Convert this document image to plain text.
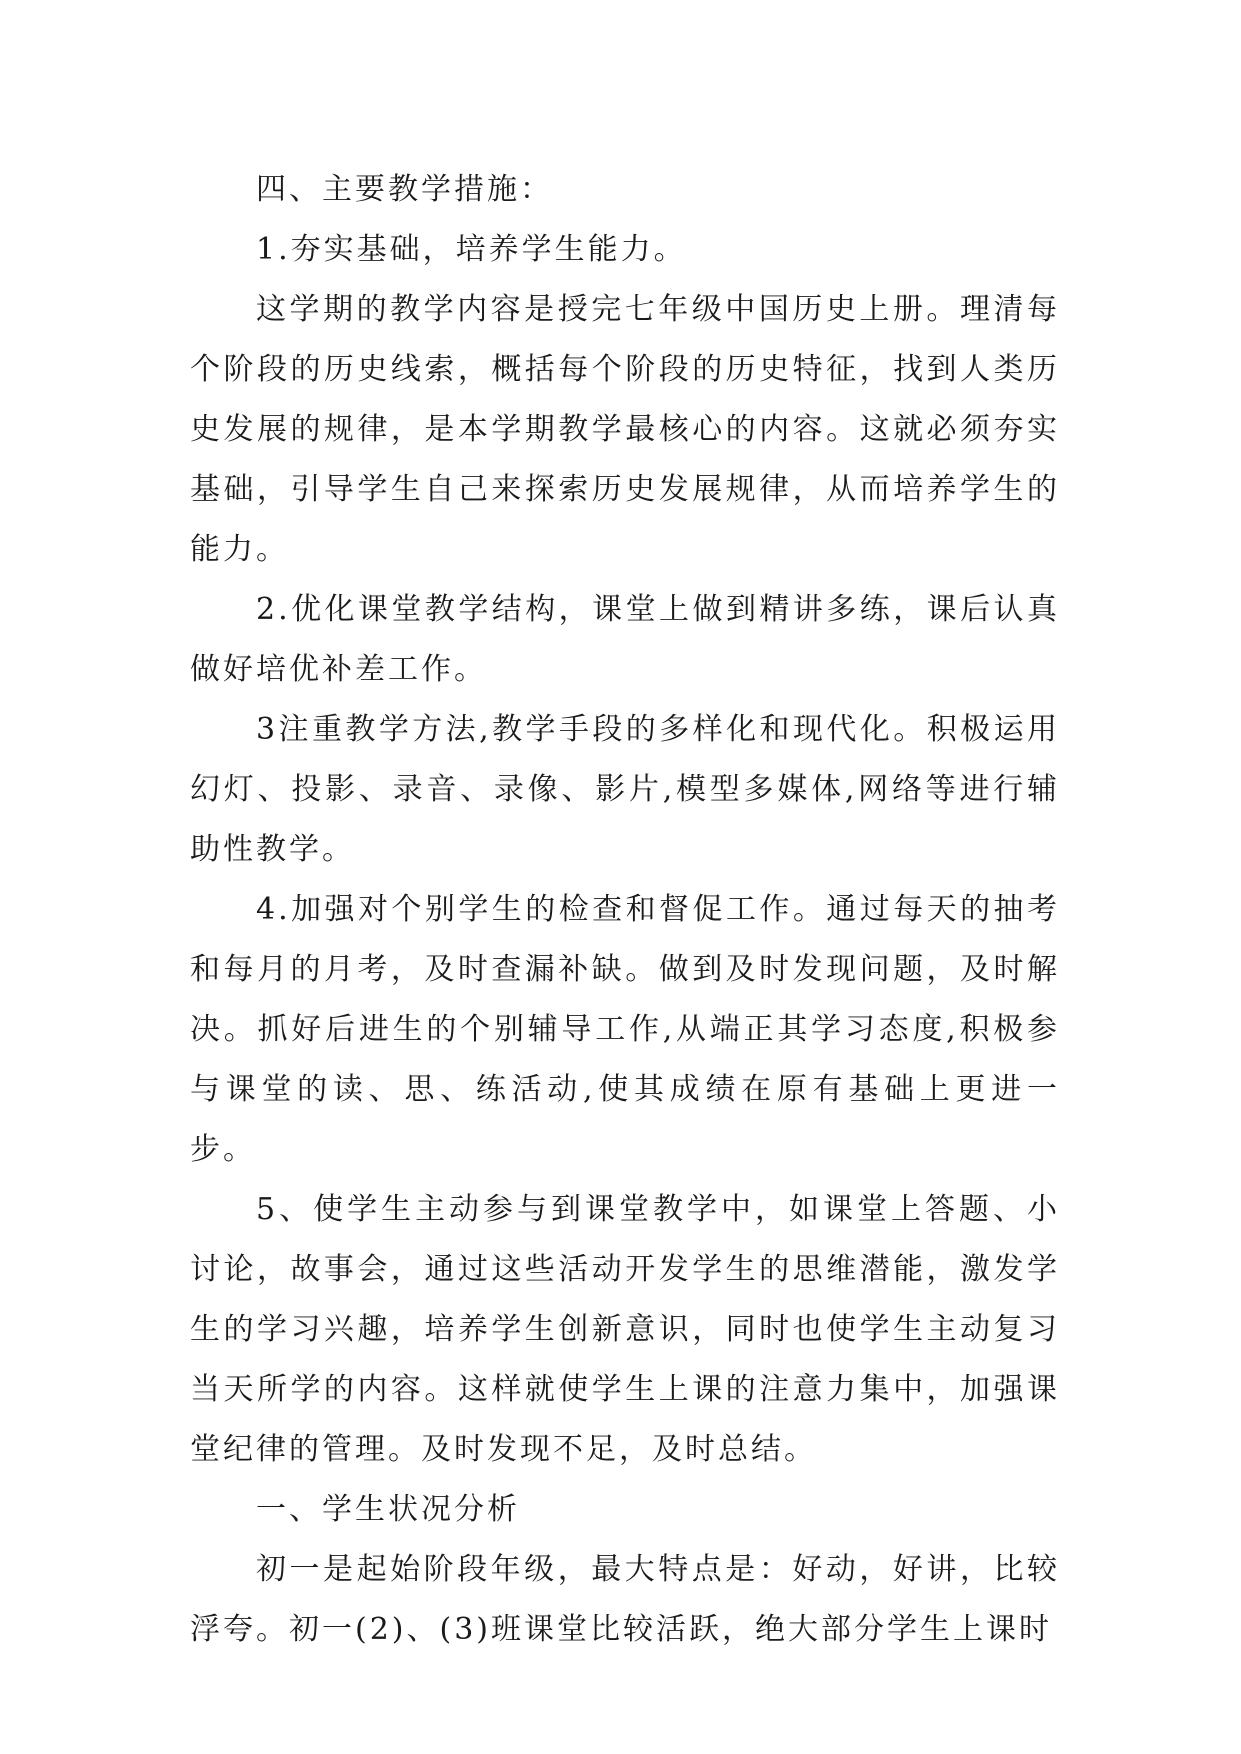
四、主要教学措施：

1.夯实基础，培养学生能力。

这学期的教学内容是授完七年级中国历史上册。理清每个阶段的历史线索，概括每个阶段的历史特征，找到人类历史发展的规律，是本学期教学最核心的内容。这就必须夯实基础，引导学生自己来探索历史发展规律，从而培养学生的能力。

2.优化课堂教学结构，课堂上做到精讲多练，课后认真做好培优补差工作。

3注重教学方法,教学手段的多样化和现代化。积极运用幻灯、投影、录音、录像、影片,模型多媒体,网络等进行辅助性教学。

4.加强对个别学生的检查和督促工作。通过每天的抽考和每月的月考，及时查漏补缺。做到及时发现问题，及时解决。抓好后进生的个别辅导工作,从端正其学习态度,积极参与课堂的读、思、练活动,使其成绩在原有基础上更进一步。

5、使学生主动参与到课堂教学中，如课堂上答题、小讨论，故事会，通过这些活动开发学生的思维潜能，激发学生的学习兴趣，培养学生创新意识，同时也使学生主动复习当天所学的内容。这样就使学生上课的注意力集中，加强课堂纪律的管理。及时发现不足，及时总结。

一、学生状况分析

初一是起始阶段年级，最大特点是：好动，好讲，比较浮夸。初一(2)、(3)班课堂比较活跃，绝大部分学生上课时
